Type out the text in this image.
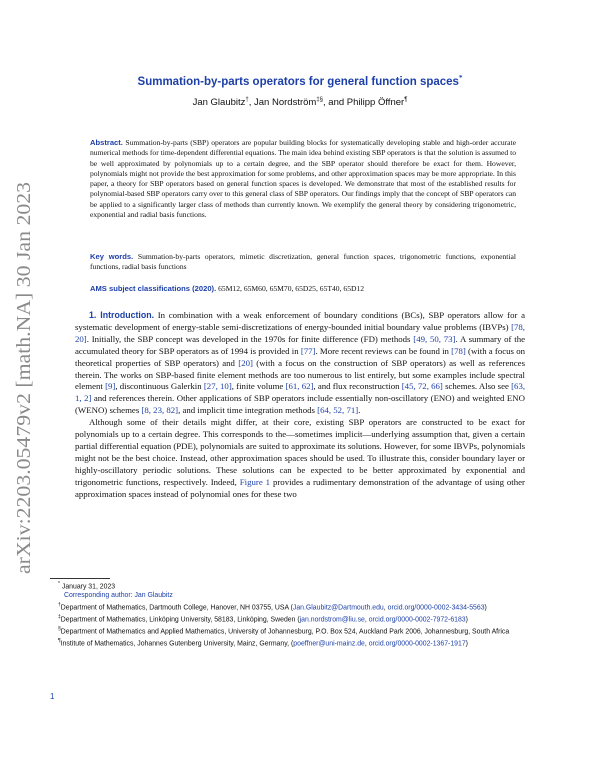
arXiv:2203.05479v2 [math.NA] 30 Jan 2023
Summation-by-parts operators for general function spaces*
Jan Glaubitz†, Jan Nordström‡§, and Philipp Öffner¶
Abstract. Summation-by-parts (SBP) operators are popular building blocks for systematically developing stable and high-order accurate numerical methods for time-dependent differential equations. The main idea behind existing SBP operators is that the solution is assumed to be well approximated by polynomials up to a certain degree, and the SBP operator should therefore be exact for them. However, polynomials might not provide the best approximation for some problems, and other approximation spaces may be more appropriate. In this paper, a theory for SBP operators based on general function spaces is developed. We demonstrate that most of the established results for polynomial-based SBP operators carry over to this general class of SBP operators. Our findings imply that the concept of SBP operators can be applied to a significantly larger class of methods than currently known. We exemplify the general theory by considering trigonometric, exponential and radial basis functions.
Key words. Summation-by-parts operators, mimetic discretization, general function spaces, trigonometric functions, exponential functions, radial basis functions
AMS subject classifications (2020). 65M12, 65M60, 65M70, 65D25, 65T40, 65D12

1. Introduction. In combination with a weak enforcement of boundary conditions (BCs), SBP operators allow for a systematic development of energy-stable semi-discretizations of energy-bounded initial boundary value problems (IBVPs) [78, 20]. Initially, the SBP concept was developed in the 1970s for finite difference (FD) methods [49, 50, 73]. A summary of the accumulated theory for SBP operators as of 1994 is provided in [77]. More recent reviews can be found in [78] (with a focus on theoretical properties of SBP operators) and [20] (with a focus on the construction of SBP operators) as well as references therein. The works on SBP-based finite element methods are too numerous to list entirely, but some examples include spectral element [9], discontinuous Galerkin [27, 10], finite volume [61, 62], and flux reconstruction [45, 72, 66] schemes. Also see [63, 1, 2] and references therein. Other applications of SBP operators include essentially non-oscillatory (ENO) and weighted ENO (WENO) schemes [8, 23, 82], and implicit time integration methods [64, 52, 71].

Although some of their details might differ, at their core, existing SBP operators are constructed to be exact for polynomials up to a certain degree. This corresponds to the—sometimes implicit—underlying assumption that, given a certain partial differential equation (PDE), polynomials are suited to approximate its solutions. However, for some IBVPs, polynomials might not be the best choice. Instead, other approximation spaces should be used. To illustrate this, consider boundary layer or highly-oscillatory periodic solutions. These solutions can be expected to be better approximated by exponential and trigonometric functions, respectively. Indeed, Figure 1 provides a rudimentary demonstration of the advantage of using other approximation spaces instead of polynomial ones for these two

* January 31, 2023
Corresponding author: Jan Glaubitz
†Department of Mathematics, Dartmouth College, Hanover, NH 03755, USA (Jan.Glaubitz@Dartmouth.edu, orcid.org/0000-0002-3434-5563)
‡Department of Mathematics, Linköping University, 58183, Linköping, Sweden (jan.nordstrom@liu.se, orcid.org/0000-0002-7972-6183)
§Department of Mathematics and Applied Mathematics, University of Johannesburg, P.O. Box 524, Auckland Park 2006, Johannesburg, South Africa
¶Institute of Mathematics, Johannes Gutenberg University, Mainz, Germany, (poeffner@uni-mainz.de, orcid.org/0000-0002-1367-1917)
1
